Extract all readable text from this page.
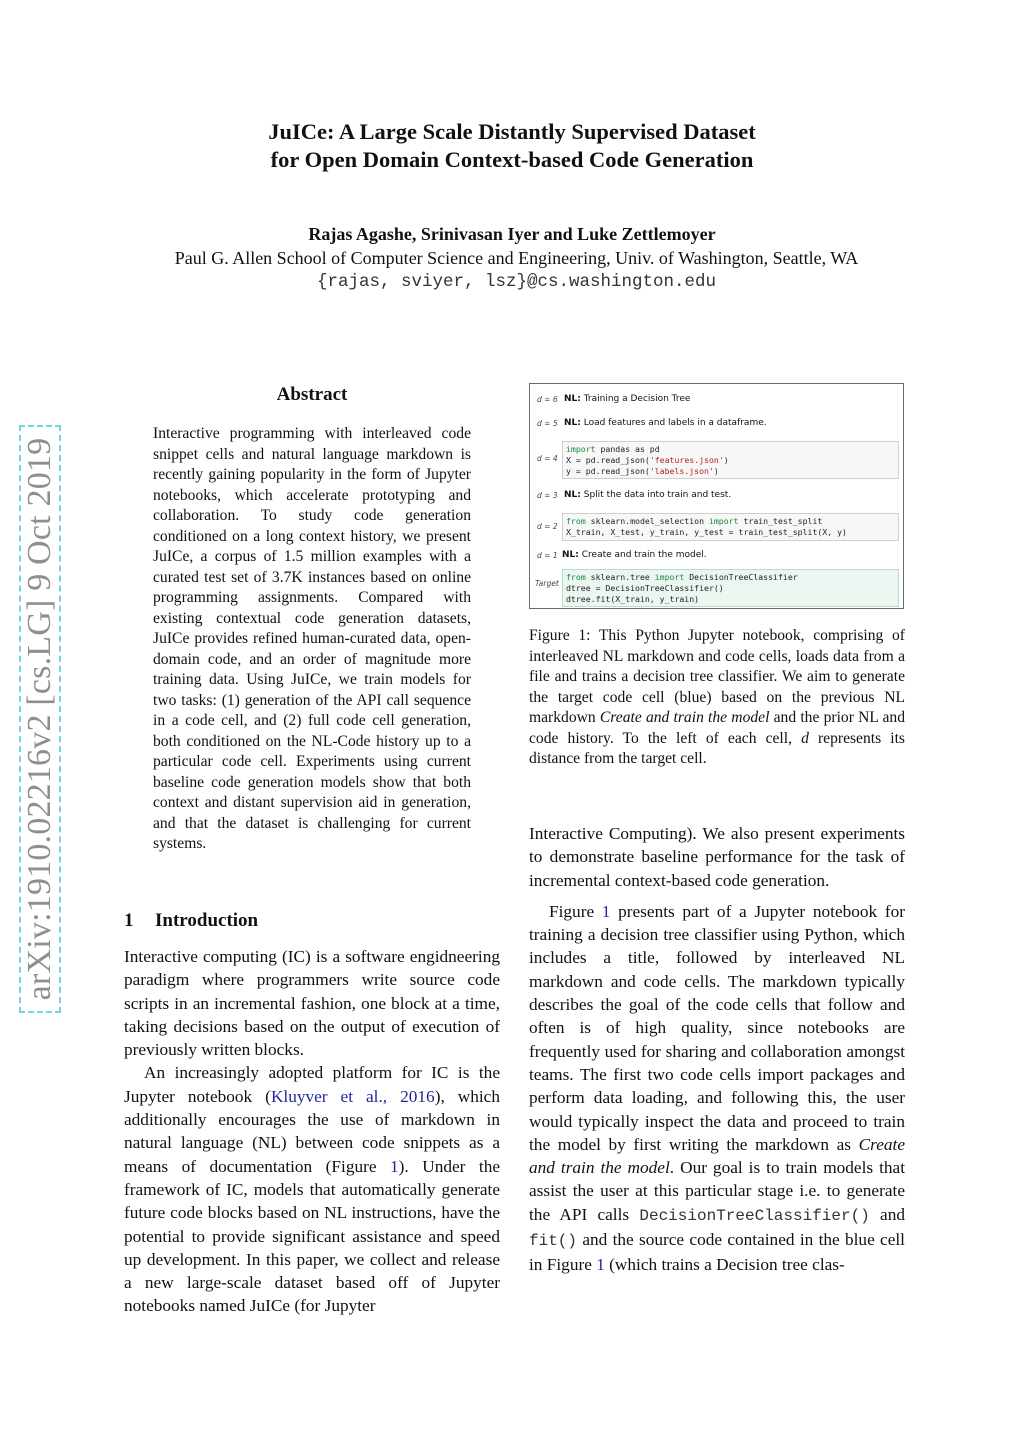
JuICe: A Large Scale Distantly Supervised Dataset
for Open Domain Context-based Code Generation
Rajas Agashe, Srinivasan Iyer and Luke Zettlemoyer
Paul G. Allen School of Computer Science and Engineering, Univ. of Washington, Seattle, WA
{rajas, sviyer, lsz}@cs.washington.edu
arXiv:1910.02216v2 [cs.LG] 9 Oct 2019
Abstract
Interactive programming with interleaved code snippet cells and natural language markdown is recently gaining popularity in the form of Jupyter notebooks, which accelerate prototyping and collaboration. To study code generation conditioned on a long context history, we present JuICe, a corpus of 1.5 million examples with a curated test set of 3.7K instances based on online programming assignments. Compared with existing contextual code generation datasets, JuICe provides refined human-curated data, open-domain code, and an order of magnitude more training data. Using JuICe, we train models for two tasks: (1) generation of the API call sequence in a code cell, and (2) full code cell generation, both conditioned on the NL-Code history up to a particular code cell. Experiments using current baseline code generation models show that both context and distant supervision aid in generation, and that the dataset is challenging for current systems.
1 Introduction

Interactive computing (IC) is a software engidneering paradigm where programmers write source code scripts in an incremental fashion, one block at a time, taking decisions based on the output of execution of previously written blocks.

An increasingly adopted platform for IC is the Jupyter notebook (Kluyver et al., 2016), which additionally encourages the use of markdown in natural language (NL) between code snippets as a means of documentation (Figure 1). Under the framework of IC, models that automatically generate future code blocks based on NL instructions, have the potential to provide significant assistance and speed up development. In this paper, we collect and release a new large-scale dataset based off of Jupyter notebooks named JuICe (for Jupyter

d = 6 NL: Training a Decision Tree
d = 5 NL: Load features and labels in a dataframe.
d = 4
import pandas as pd
X = pd.read_json('features.json')
y = pd.read_json('labels.json')
d = 3 NL: Split the data into train and test.
d = 2
from sklearn.model_selection import train_test_split
X_train, X_test, y_train, y_test = train_test_split(X, y)
d = 1 NL: Create and train the model.
Target
from sklearn.tree import DecisionTreeClassifier
dtree = DecisionTreeClassifier()
dtree.fit(X_train, y_train)
Figure 1: This Python Jupyter notebook, comprising of interleaved NL markdown and code cells, loads data from a file and trains a decision tree classifier. We aim to generate the target code cell (blue) based on the previous NL markdown Create and train the model and the prior NL and code history. To the left of each cell, d represents its distance from the target cell.

Interactive Computing). We also present experiments to demonstrate baseline performance for the task of incremental context-based code generation.

Figure 1 presents part of a Jupyter notebook for training a decision tree classifier using Python, which includes a title, followed by interleaved NL markdown and code cells. The markdown typically describes the goal of the code cells that follow and often is of high quality, since notebooks are frequently used for sharing and collaboration amongst teams. The first two code cells import packages and perform data loading, and following this, the user would typically inspect the data and proceed to train the model by first writing the markdown as Create and train the model. Our goal is to train models that assist the user at this particular stage i.e. to generate the API calls DecisionTreeClassifier() and fit() and the source code contained in the blue cell in Figure 1 (which trains a Decision tree clas-
